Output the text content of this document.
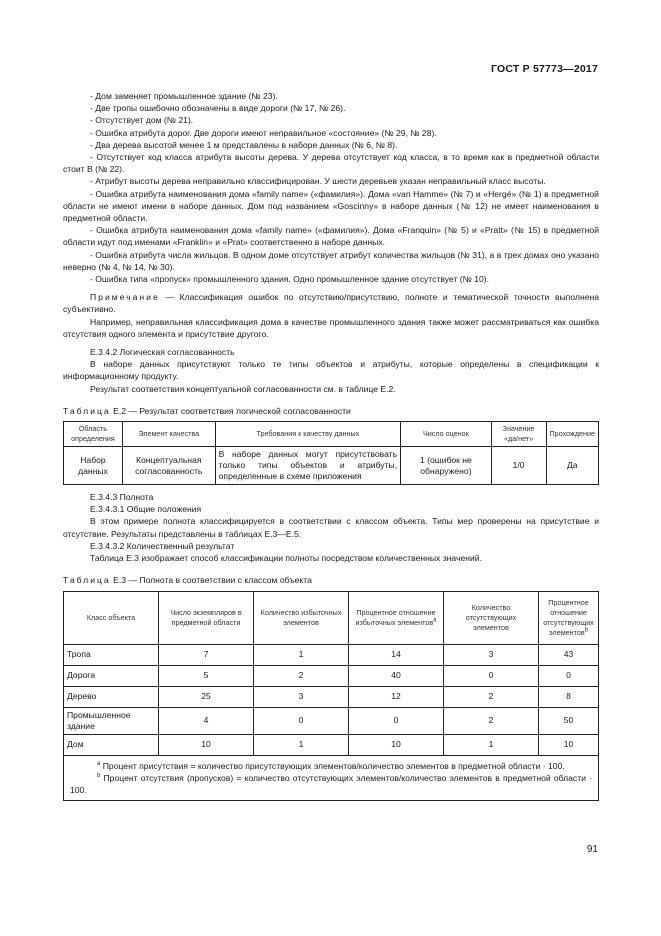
ГОСТ Р 57773—2017

- Дом заменяет промышленное здание (№ 23).

- Две тропы ошибочно обозначены в виде дороги (№ 17, № 26).

- Отсутствует дом (№ 21).

- Ошибка атрибута дорог. Две дороги имеют неправильное «состояние» (№ 29, № 28).

- Два дерева высотой менее 1 м представлены в наборе данных (№ 6, № 8).

- Отсутствует код класса атрибута высоты дерева. У дерева отсутствует код класса, в то время как в предметной области стоит В (№ 22).

- Атрибут высоты дерева неправильно классифицирован. У шести деревьев указан неправильный класс высоты.

- Ошибка атрибута наименования дома «family name» («фамилия»). Дома «van Hamme» (№ 7) и «Hergé» (№ 1) в предметной области не имеют имени в наборе данных. Дом под названием «Goscinny» в наборе данных (№ 12) не имеет наименования в предметной области.

- Ошибка атрибута наименования дома «family name» («фамилия»). Дома «Franquin» (№ 5) и «Pratt» (№ 15) в предметной области идут под именами «Franklin» и «Prat» соответственно в наборе данных.

- Ошибка атрибута числа жильцов. В одном доме отсутствует атрибут количества жильцов (№ 31), а в трех домах оно указано неверно (№ 4, № 14, № 30).

- Ошибка типа «пропуск» промышленного здания. Одно промышленное здание отсутствует (№ 10).

Примечание — Классификация ошибок по отсутствию/присутствию, полноте и тематической точности выполнена субъективно.

Например, неправильная классификация дома в качестве промышленного здания также может рассматриваться как ошибка отсутствия одного элемента и присутствие другого.

Е.3.4.2 Логическая согласованность

В наборе данных присутствуют только те типы объектов и атрибуты, которые определены в спецификации к информационному продукту.

Результат соответствия концептуальной согласованности см. в таблице Е.2.

Таблица Е.2 — Результат соответствия логической согласованности

Область определения	Элемент качества	Требования к качеству данных	Число оценок	Значение «да/нет»	Прохождение
Набор данных	Концептуальная согласованность	В наборе данных могут присутствовать только типы объектов и атрибуты, определенные в схеме приложения	1 (ошибок не обнаружено)	1/0	Да

Е.3.4.3 Полнота

Е.3.4.3.1 Общие положения

В этом примере полнота классифицируется в соответствии с классом объекта. Типы мер проверены на присутствие и отсутствие. Результаты представлены в таблицах Е.3—Е.5.

Е.3.4.3.2 Количественный результат

Таблица Е.3 изображает способ классификации полноты посредством количественных значений.

Таблица Е.3 — Полнота в соответствии с классом объекта

Класс объекта	Число экземпляров в предметной области	Количество избыточных элементов	Процентное отношение избыточных элементов$^a$	Количество отсутствующих элементов	Процентное отношение отсутствующих элементов$^b$
Тропа	7	1	14	3	43
Дорога	5	2	40	0	0
Дерево	25	3	12	2	8
Промышленное здание	4	0	0	2	50
Дом	10	1	10	1	10

$^a$ Процент присутствия = количество присутствующих элементов/количество элементов в предметной области · 100.

$^b$ Процент отсутствия (пропусков) = количество отсутствующих элементов/количество элементов в предметной области · 100.					

91
